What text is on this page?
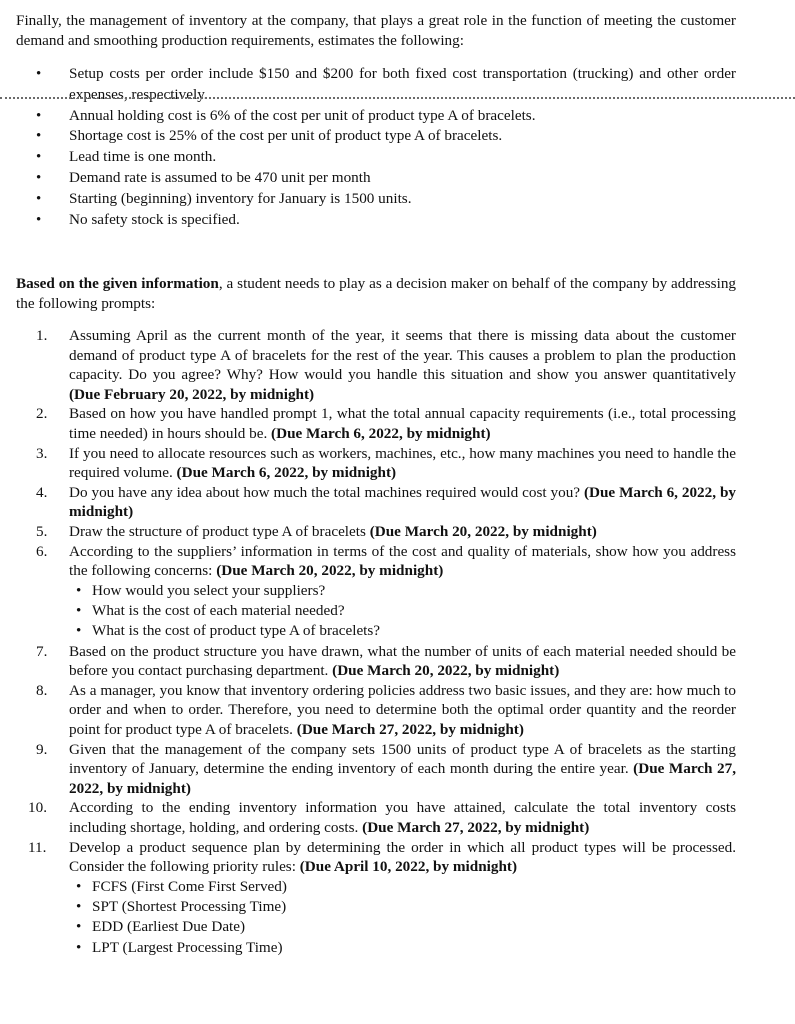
Finally, the management of inventory at the company, that plays a great role in the function of meeting the customer demand and smoothing production requirements, estimates the following:

• Setup costs per order include $150 and $200 for both fixed cost transportation (trucking) and other order expenses, respectively.
• Annual holding cost is 6% of the cost per unit of product type A of bracelets.
• Shortage cost is 25% of the cost per unit of product type A of bracelets.
• Lead time is one month.
• Demand rate is assumed to be 470 unit per month
• Starting (beginning) inventory for January is 1500 units.
• No safety stock is specified.

Based on the given information, a student needs to play as a decision maker on behalf of the company by addressing the following prompts:

1.	Assuming April as the current month of the year, it seems that there is missing data about the customer demand of product type A of bracelets for the rest of the year. This causes a problem to plan the production capacity. Do you agree? Why? How would you handle this situation and show you answer quantitatively (Due February 20, 2022, by midnight)
2.	Based on how you have handled prompt 1, what the total annual capacity requirements (i.e., total processing time needed) in hours should be. (Due March 6, 2022, by midnight)
3.	If you need to allocate resources such as workers, machines, etc., how many machines you need to handle the required volume. (Due March 6, 2022, by midnight)
4.	Do you have any idea about how much the total machines required would cost you? (Due March 6, 2022, by midnight)
5.	Draw the structure of product type A of bracelets (Due March 20, 2022, by midnight)
6.	According to the suppliers’ information in terms of the cost and quality of materials, show how you address the following concerns: (Due March 20, 2022, by midnight)
• How would you select your suppliers?
• What is the cost of each material needed?
• What is the cost of product type A of bracelets?
7.	Based on the product structure you have drawn, what the number of units of each material needed should be before you contact purchasing department. (Due March 20, 2022, by midnight)
8.	As a manager, you know that inventory ordering policies address two basic issues, and they are: how much to order and when to order. Therefore, you need to determine both the optimal order quantity and the reorder point for product type A of bracelets. (Due March 27, 2022, by midnight)
9.	Given that the management of the company sets 1500 units of product type A of bracelets as the starting inventory of January, determine the ending inventory of each month during the entire year. (Due March 27, 2022, by midnight)
10.	According to the ending inventory information you have attained, calculate the total inventory costs including shortage, holding, and ordering costs. (Due March 27, 2022, by midnight)
11.	Develop a product sequence plan by determining the order in which all product types will be processed. Consider the following priority rules: (Due April 10, 2022, by midnight)
• FCFS (First Come First Served)
• SPT (Shortest Processing Time)
• EDD (Earliest Due Date)
• LPT (Largest Processing Time)
